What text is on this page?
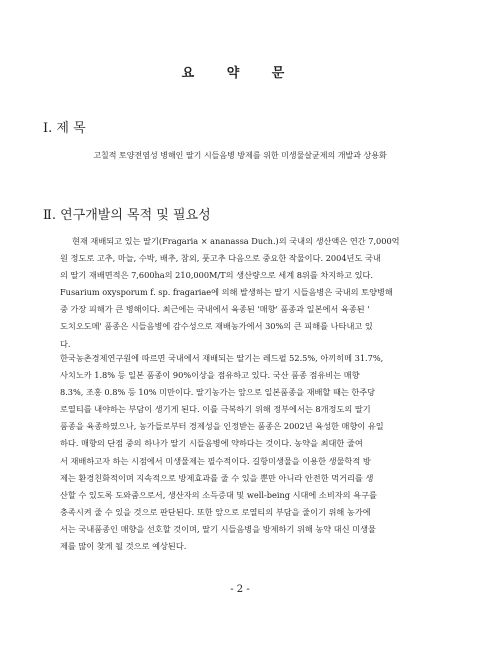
요 약 문
Ⅰ. 제 목
고칠적 토양전염성 병해인 딸기 시들음병 방제를 위한 미생물살균제의 개발과 상용화
Ⅱ. 연구개발의 목적 및 필요성
현재 재배되고 있는 딸기(Fragaria × ananassa Duch.)의 국내의 생산액은 연간 7,000억
원 정도로 고추, 마늘, 수박, 배추, 참외, 풋고추 다음으로 중요한 작물이다. 2004년도 국내
의 딸기 재배면적은 7,600ha의 210,000M/T의 생산량으로 세계 8위를 차지하고 있다.
Fusarium oxysporum f. sp. fragariae에 의해 발생하는 딸기 시들음병은 국내의 토양병해
중 가장 피해가 큰 병해이다. 최근에는 국내에서 육종된 '매향' 품종과 일본에서 육종된 '
도치오도메' 품종은 시들음병에 감수성으로 재배농가에서 30%의 큰 피해를 나타내고 있
다.
한국농촌경제연구원에 따르면 국내에서 재배되는 딸기는 레드펄 52.5%, 아끼히메 31.7%,
사치노카 1.8% 등 일본 품종이 90%이상을 점유하고 있다. 국산 품종 점유비는 매향
8.3%, 조홍 0.8% 등 10% 미만이다. 딸기농가는 앞으로 일본품종을 재배할 때는 한주당
로열티를 내야하는 부담이 생기게 된다. 이를 극복하기 위해 정부에서는 8개정도의 딸기
품종을 육종하였으나, 농가들로부터 경제성을 인정받는 품종은 2002년 육성한 매향이 유일
하다. 매향의 단점 중의 하나가 딸기 시들음병에 약하다는 것이다. 농약을 최대한 줄여
서 재배하고자 하는 시점에서 미생물제는 필수적이다. 길항미생물을 이용한 생물학적 방
제는 환경친화적이며 지속적으로 방제효과를 줄 수 있을 뿐만 아니라 안전한 먹거리를 생
산할 수 있도록 도와줌으로서, 생산자의 소득증대 및 well-being 시대에 소비자의 욕구를
충족시켜 줄 수 있을 것으로 판단된다. 또한 앞으로 로열티의 부담을 줄이기 위해 농가에
서는 국내품종인 매향을 선호할 것이며, 딸기 시들음병을 방제하기 위해 농약 대신 미생물
제를 많이 찾게 될 것으로 예상된다.
- 2 -
